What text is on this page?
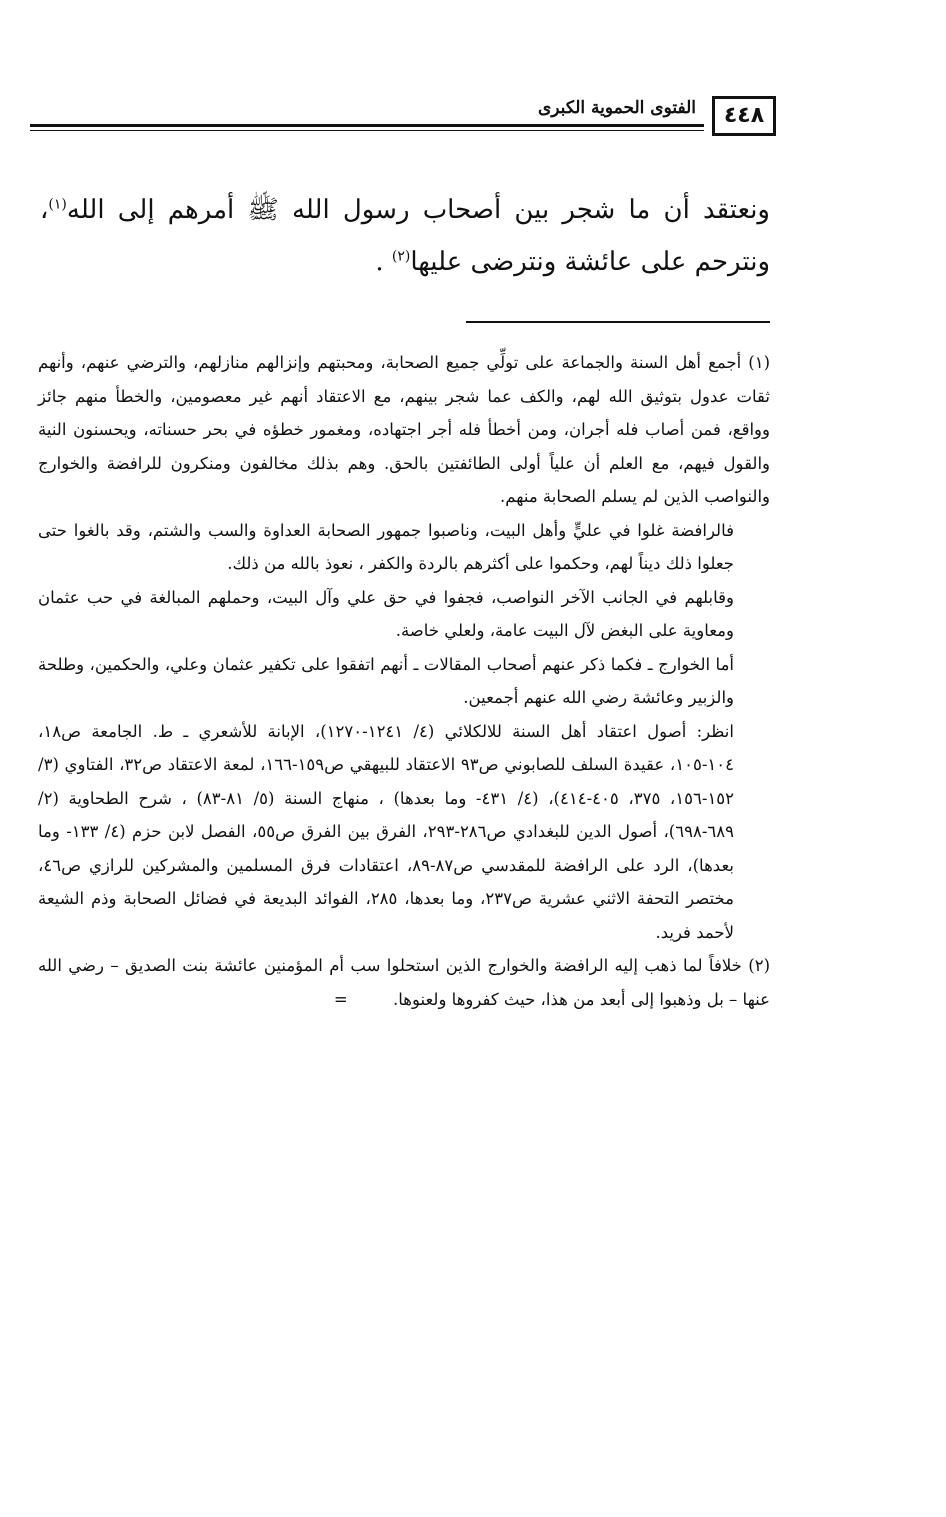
الفتوى الحموية الكبرى	٤٤٨
ونعتقد أن ما شجر بين أصحاب رسول الله ﷺ أمرهم إلى الله$^{(١)}$، ونترحم على عائشة ونترضى عليها$^{(٢)}$ .

(١) أجمع أهل السنة والجماعة على تولِّي جميع الصحابة، ومحبتهم وإنزالهم منازلهم، والترضي عنهم، وأنهم ثقات عدول بتوثيق الله لهم، والكف عما شجر بينهم، مع الاعتقاد أنهم غير معصومين، والخطأ منهم جائز وواقع، فمن أصاب فله أجران، ومن أخطأ فله أجر اجتهاده، ومغمور خطؤه في بحر حسناته، ويحسنون النية والقول فيهم، مع العلم أن علياً أولى الطائفتين بالحق. وهم بذلك مخالفون ومنكرون للرافضة والخوارج والنواصب الذين لم يسلم الصحابة منهم.

فالرافضة غلوا في عليٍّ وأهل البيت، وناصبوا جمهور الصحابة العداوة والسب والشتم، وقد بالغوا حتى جعلوا ذلك ديناً لهم، وحكموا على أكثرهم بالردة والكفر ، نعوذ بالله من ذلك.

وقابلهم في الجانب الآخر النواصب، فجفوا في حق علي وآل البيت، وحملهم المبالغة في حب عثمان ومعاوية على البغض لآل البيت عامة، ولعلي خاصة.

أما الخوارج ـ فكما ذكر عنهم أصحاب المقالات ـ أنهم اتفقوا على تكفير عثمان وعلي، والحكمين، وطلحة والزبير وعائشة رضي الله عنهم أجمعين.

انظر: أصول اعتقاد أهل السنة للالكلائي (٤/ ١٢٤١-١٢٧٠)، الإبانة للأشعري ـ ط. الجامعة ص١٨، ١٠٤-١٠٥، عقيدة السلف للصابوني ص٩٣ الاعتقاد للبيهقي ص١٥٩-١٦٦، لمعة الاعتقاد ص٣٢، الفتاوي (٣/ ١٥٢-١٥٦، ٣٧٥، ٤٠٥-٤١٤)، (٤/ ٤٣١- وما بعدها) ، منهاج السنة (٥/ ٨١-٨٣) ، شرح الطحاوية (٢/ ٦٨٩-٦٩٨)، أصول الدين للبغدادي ص٢٨٦-٢٩٣، الفرق بين الفرق ص٥٥، الفصل لابن حزم (٤/ ١٣٣- وما بعدها)، الرد على الرافضة للمقدسي ص٨٧-٨٩، اعتقادات فرق المسلمين والمشركين للرازي ص٤٦، مختصر التحفة الاثني عشرية ص٢٣٧، وما بعدها، ٢٨٥، الفوائد البديعة في فضائل الصحابة وذم الشيعة لأحمد فريد.

(٢) خلافاً لما ذهب إليه الرافضة والخوارج الذين استحلوا سب أم المؤمنين عائشة بنت الصديق – رضي الله عنها – بل وذهبوا إلى أبعد من هذا، حيث كفروها ولعنوها. =
